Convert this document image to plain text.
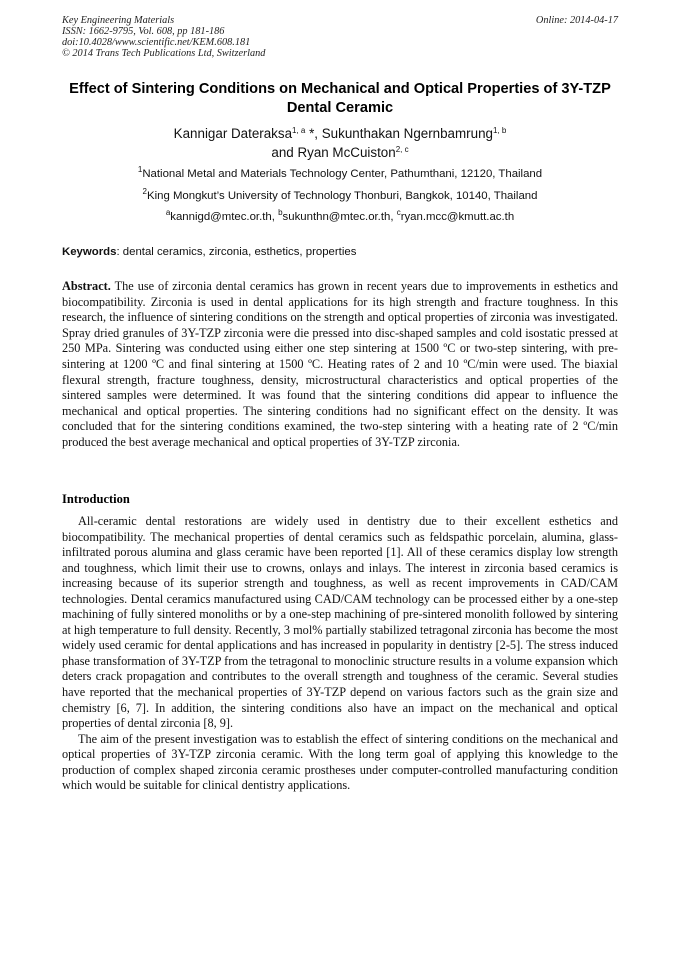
Key Engineering Materials
ISSN: 1662-9795, Vol. 608, pp 181-186
doi:10.4028/www.scientific.net/KEM.608.181
© 2014 Trans Tech Publications Ltd, Switzerland
Online: 2014-04-17
Effect of Sintering Conditions on Mechanical and Optical Properties of 3Y-TZP Dental Ceramic
Kannigar Dateraksa$^{1, a}$ *, Sukunthakan Ngernbamrung$^{1, b}$
and Ryan McCuiston$^{2, c}$
$^1$National Metal and Materials Technology Center, Pathumthani, 12120, Thailand
$^2$King Mongkut’s University of Technology Thonburi, Bangkok, 10140, Thailand
$^a$kannigd@mtec.or.th, $^b$sukunthn@mtec.or.th, $^c$ryan.mcc@kmutt.ac.th
Keywords: dental ceramics, zirconia, esthetics, properties
Abstract. The use of zirconia dental ceramics has grown in recent years due to improvements in esthetics and biocompatibility. Zirconia is used in dental applications for its high strength and fracture toughness. In this research, the influence of sintering conditions on the strength and optical properties of zirconia was investigated. Spray dried granules of 3Y-TZP zirconia were die pressed into disc-shaped samples and cold isostatic pressed at 250 MPa. Sintering was conducted using either one step sintering at 1500 ºC or two-step sintering, with pre-sintering at 1200 ºC and final sintering at 1500 ºC. Heating rates of 2 and 10 ºC/min were used. The biaxial flexural strength, fracture toughness, density, microstructural characteristics and optical properties of the sintered samples were determined. It was found that the sintering conditions did appear to influence the mechanical and optical properties. The sintering conditions had no significant effect on the density. It was concluded that for the sintering conditions examined, the two-step sintering with a heating rate of 2 ºC/min produced the best average mechanical and optical properties of 3Y-TZP zirconia.
Introduction

All-ceramic dental restorations are widely used in dentistry due to their excellent esthetics and biocompatibility. The mechanical properties of dental ceramics such as feldspathic porcelain, alumina, glass-infiltrated porous alumina and glass ceramic have been reported [1]. All of these ceramics display low strength and toughness, which limit their use to crowns, onlays and inlays. The interest in zirconia based ceramics is increasing because of its superior strength and toughness, as well as recent improvements in CAD/CAM technologies. Dental ceramics manufactured using CAD/CAM technology can be processed either by a one-step machining of fully sintered monoliths or by a one-step machining of pre-sintered monolith followed by sintering at high temperature to full density. Recently, 3 mol% partially stabilized tetragonal zirconia has become the most widely used ceramic for dental applications and has increased in popularity in dentistry [2-5]. The stress induced phase transformation of 3Y-TZP from the tetragonal to monoclinic structure results in a volume expansion which deters crack propagation and contributes to the overall strength and toughness of the ceramic. Several studies have reported that the mechanical properties of 3Y-TZP depend on various factors such as the grain size and chemistry [6, 7]. In addition, the sintering conditions also have an impact on the mechanical and optical properties of dental zirconia [8, 9].

The aim of the present investigation was to establish the effect of sintering conditions on the mechanical and optical properties of 3Y-TZP zirconia ceramic. With the long term goal of applying this knowledge to the production of complex shaped zirconia ceramic prostheses under computer-controlled manufacturing condition which would be suitable for clinical dentistry applications.
